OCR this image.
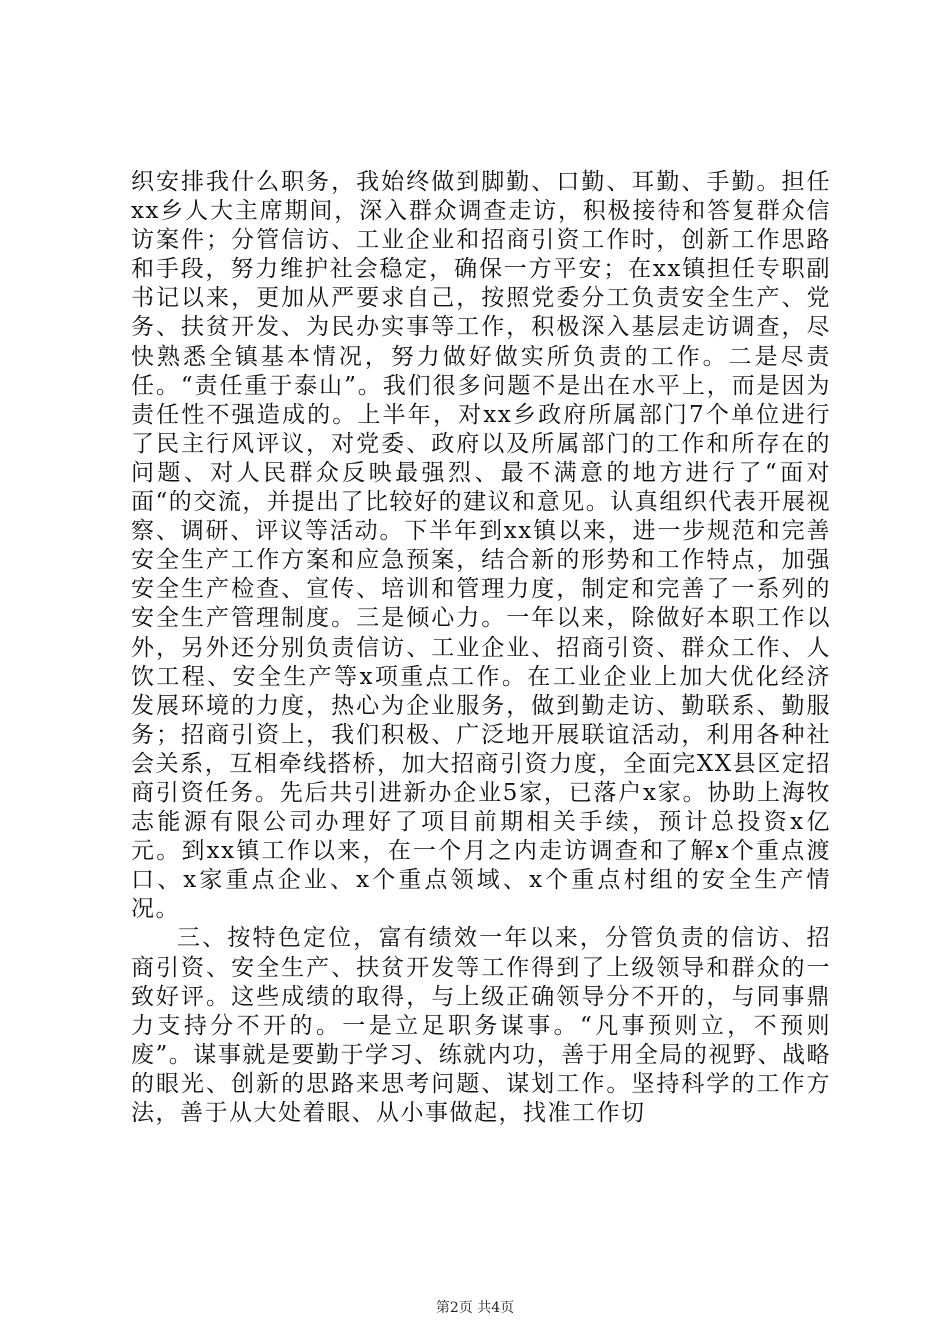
织安排我什么职务，我始终做到脚勤、口勤、耳勤、手勤。担任xx乡人大主席期间，深入群众调查走访，积极接待和答复群众信访案件；分管信访、工业企业和招商引资工作时，创新工作思路和手段，努力维护社会稳定，确保一方平安；在xx镇担任专职副书记以来，更加从严要求自己，按照党委分工负责安全生产、党务、扶贫开发、为民办实事等工作，积极深入基层走访调查，尽快熟悉全镇基本情况，努力做好做实所负责的工作。二是尽责任。“责任重于泰山”。我们很多问题不是出在水平上，而是因为责任性不强造成的。上半年，对xx乡政府所属部门7个单位进行了民主行风评议，对党委、政府以及所属部门的工作和所存在的问题、对人民群众反映最强烈、最不满意的地方进行了“面对面“的交流，并提出了比较好的建议和意见。认真组织代表开展视察、调研、评议等活动。下半年到xx镇以来，进一步规范和完善安全生产工作方案和应急预案，结合新的形势和工作特点，加强安全生产检查、宣传、培训和管理力度，制定和完善了一系列的安全生产管理制度。三是倾心力。一年以来，除做好本职工作以外，另外还分别负责信访、工业企业、招商引资、群众工作、人饮工程、安全生产等x项重点工作。在工业企业上加大优化经济发展环境的力度，热心为企业服务，做到勤走访、勤联系、勤服务；招商引资上，我们积极、广泛地开展联谊活动，利用各种社会关系，互相牵线搭桥，加大招商引资力度，全面完XX县区定招商引资任务。先后共引进新办企业5家，已落户x家。协助上海牧志能源有限公司办理好了项目前期相关手续，预计总投资x亿元。到xx镇工作以来，在一个月之内走访调查和了解x个重点渡口、x家重点企业、x个重点领域、x个重点村组的安全生产情况。

三、按特色定位，富有绩效一年以来，分管负责的信访、招商引资、安全生产、扶贫开发等工作得到了上级领导和群众的一致好评。这些成绩的取得，与上级正确领导分不开的，与同事鼎力支持分不开的。一是立足职务谋事。“凡事预则立，不预则废”。谋事就是要勤于学习、练就内功，善于用全局的视野、战略的眼光、创新的思路来思考问题、谋划工作。坚持科学的工作方法，善于从大处着眼、从小事做起，找准工作切

第2页 共4页
